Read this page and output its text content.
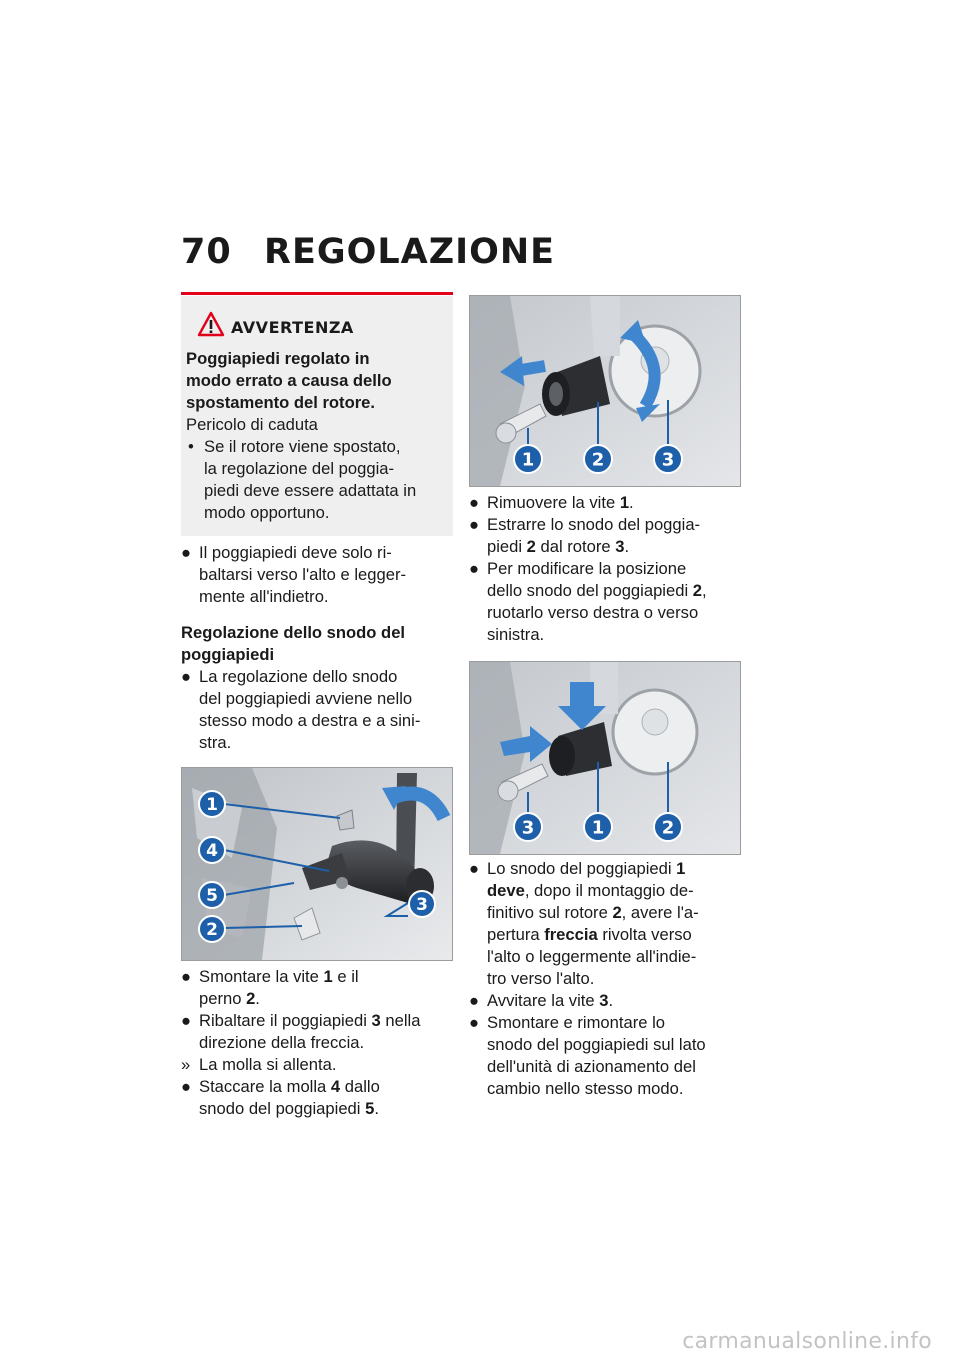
70 REGOLAZIONE
AVVERTENZA
Poggiapiedi regolato in
modo errato a causa dello
spostamento del rotore.
Pericolo di caduta
• Se il rotore viene spostato,
la regolazione del poggia-
piedi deve essere adattata in
modo opportuno.
● Il poggiapiedi deve solo ri-
baltarsi verso l'alto e legger-
mente all'indietro.
Regolazione dello snodo del
poggiapiedi
● La regolazione dello snodo
del poggiapiedi avviene nello
stesso modo a destra e a sini-
stra.
1
4
5
2
3
● Smontare la vite 1 e il
perno 2.
● Ribaltare il poggiapiedi 3 nella
direzione della freccia.
» La molla si allenta.
● Staccare la molla 4 dallo
snodo del poggiapiedi 5.
1	2	3
● Rimuovere la vite 1.
● Estrarre lo snodo del poggia-
piedi 2 dal rotore 3.
● Per modificare la posizione
dello snodo del poggiapiedi 2,
ruotarlo verso destra o verso
sinistra.
3	1	2
● Lo snodo del poggiapiedi 1
deve, dopo il montaggio de-
finitivo sul rotore 2, avere l'a-
pertura freccia rivolta verso
l'alto o leggermente all'indie-
tro verso l'alto.
● Avvitare la vite 3.
● Smontare e rimontare lo
snodo del poggiapiedi sul lato
dell'unità di azionamento del
cambio nello stesso modo.
carmanualsonline.info
